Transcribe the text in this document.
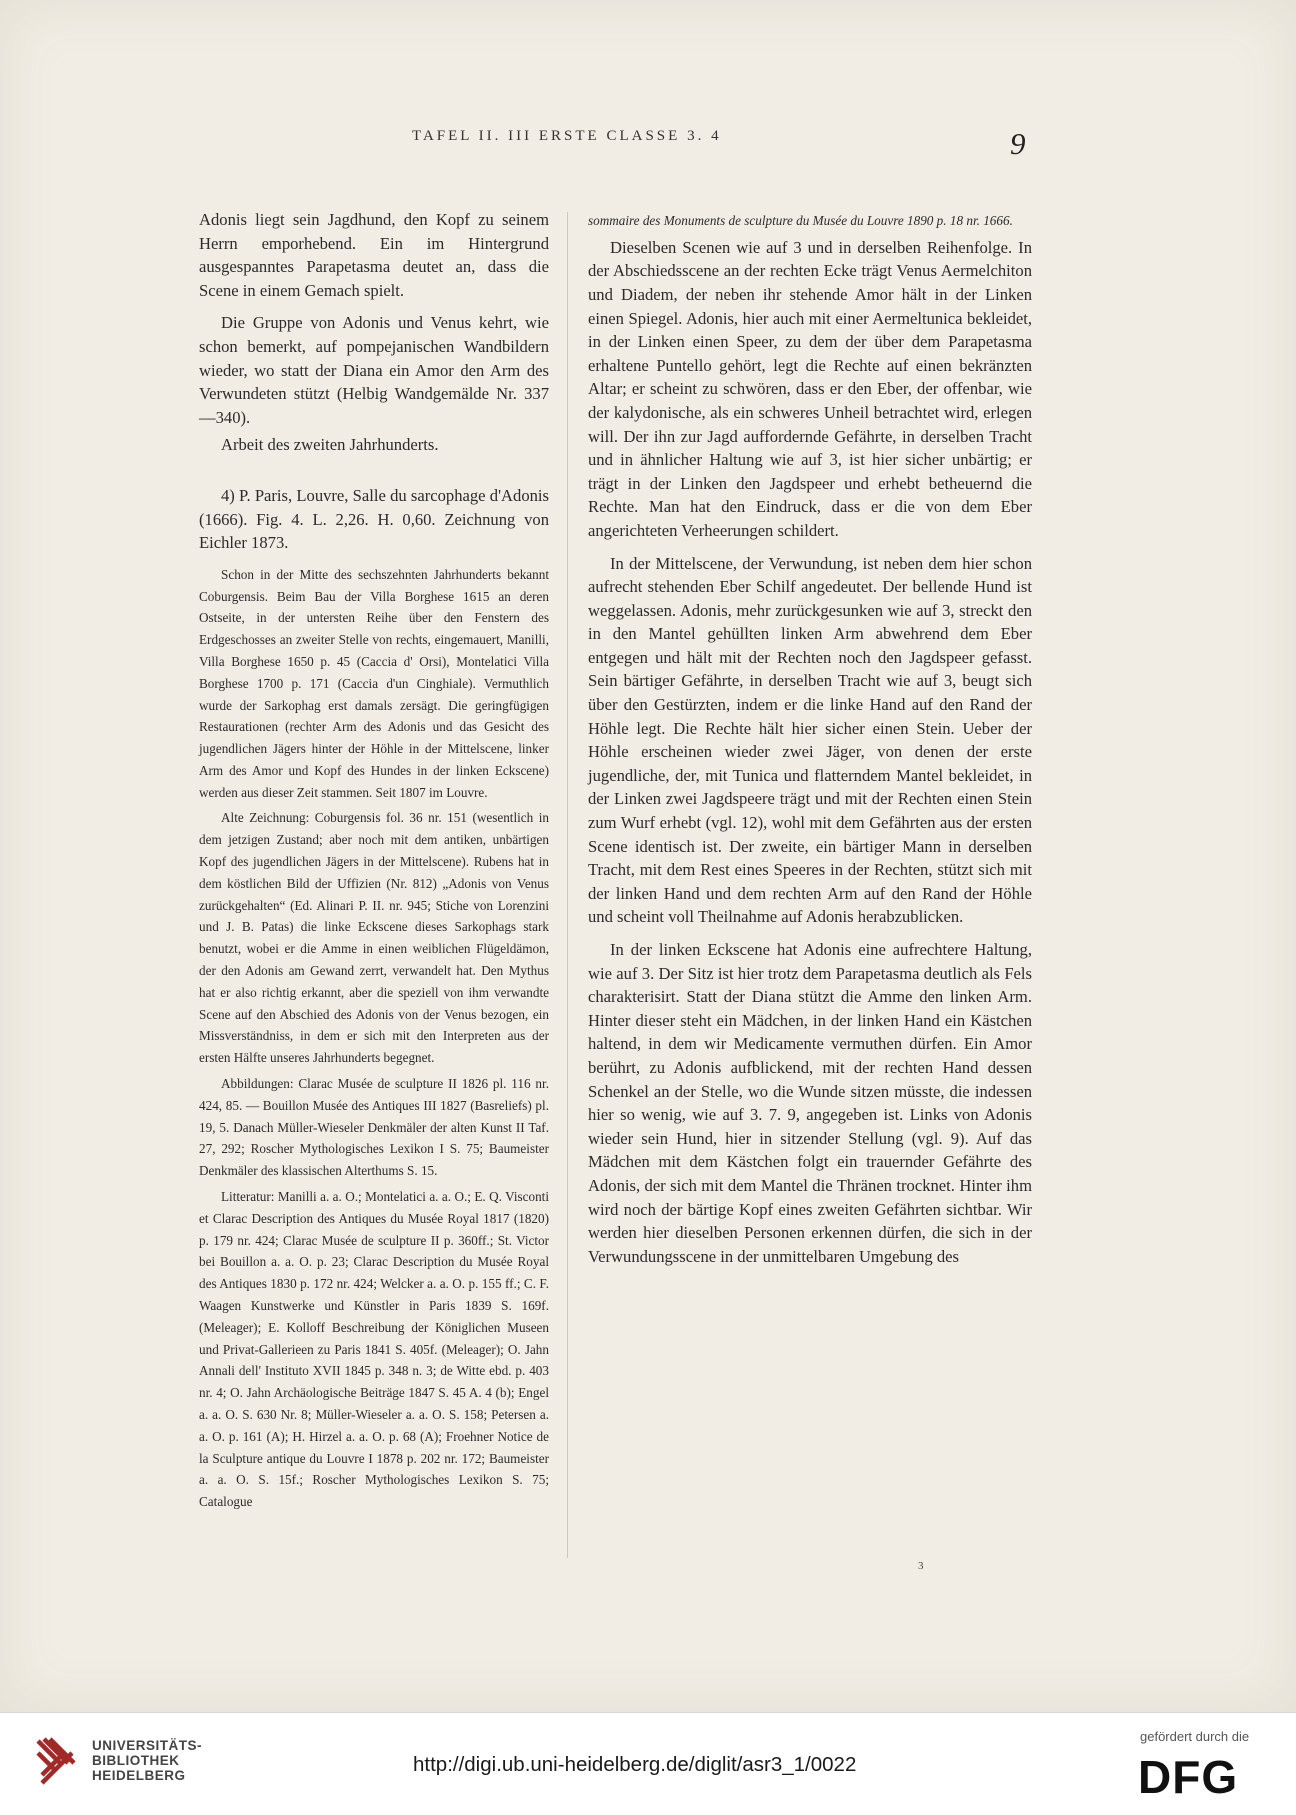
TAFEL II. III ERSTE CLASSE 3. 4	9

Adonis liegt sein Jagdhund, den Kopf zu seinem Herrn emporhebend. Ein im Hintergrund ausgespanntes Parapetasma deutet an, dass die Scene in einem Gemach spielt.

Die Gruppe von Adonis und Venus kehrt, wie schon bemerkt, auf pompejanischen Wandbildern wieder, wo statt der Diana ein Amor den Arm des Verwundeten stützt (Helbig Wandgemälde Nr. 337—340).

Arbeit des zweiten Jahrhunderts.

4) P. Paris, Louvre, Salle du sarcophage d'Adonis (1666). Fig. 4. L. 2,26. H. 0,60. Zeichnung von Eichler 1873.

Schon in der Mitte des sechszehnten Jahrhunderts bekannt Coburgensis. Beim Bau der Villa Borghese 1615 an deren Ostseite, in der untersten Reihe über den Fenstern des Erdgeschosses an zweiter Stelle von rechts, eingemauert, Manilli, Villa Borghese 1650 p. 45 (Caccia d' Orsi), Montelatici Villa Borghese 1700 p. 171 (Caccia d'un Cinghiale). Vermuthlich wurde der Sarkophag erst damals zersägt. Die geringfügigen Restaurationen (rechter Arm des Adonis und das Gesicht des jugendlichen Jägers hinter der Höhle in der Mittelscene, linker Arm des Amor und Kopf des Hundes in der linken Eckscene) werden aus dieser Zeit stammen. Seit 1807 im Louvre.

Alte Zeichnung: Coburgensis fol. 36 nr. 151 (wesentlich in dem jetzigen Zustand; aber noch mit dem antiken, unbärtigen Kopf des jugendlichen Jägers in der Mittelscene). Rubens hat in dem köstlichen Bild der Uffizien (Nr. 812) „Adonis von Venus zurückgehalten“ (Ed. Alinari P. II. nr. 945; Stiche von Lorenzini und J. B. Patas) die linke Eckscene dieses Sarkophags stark benutzt, wobei er die Amme in einen weiblichen Flügeldämon, der den Adonis am Gewand zerrt, verwandelt hat. Den Mythus hat er also richtig erkannt, aber die speziell von ihm verwandte Scene auf den Abschied des Adonis von der Venus bezogen, ein Missverständniss, in dem er sich mit den Interpreten aus der ersten Hälfte unseres Jahrhunderts begegnet.

Abbildungen: Clarac Musée de sculpture II 1826 pl. 116 nr. 424, 85. — Bouillon Musée des Antiques III 1827 (Basreliefs) pl. 19, 5. Danach Müller-Wieseler Denkmäler der alten Kunst II Taf. 27, 292; Roscher Mythologisches Lexikon I S. 75; Baumeister Denkmäler des klassischen Alterthums S. 15.

Litteratur: Manilli a. a. O.; Montelatici a. a. O.; E. Q. Visconti et Clarac Description des Antiques du Musée Royal 1817 (1820) p. 179 nr. 424; Clarac Musée de sculpture II p. 360ff.; St. Victor bei Bouillon a. a. O. p. 23; Clarac Description du Musée Royal des Antiques 1830 p. 172 nr. 424; Welcker a. a. O. p. 155 ff.; C. F. Waagen Kunstwerke und Künstler in Paris 1839 S. 169f. (Meleager); E. Kolloff Beschreibung der Königlichen Museen und Privat-Gallerieen zu Paris 1841 S. 405f. (Meleager); O. Jahn Annali dell' Instituto XVII 1845 p. 348 n. 3; de Witte ebd. p. 403 nr. 4; O. Jahn Archäologische Beiträge 1847 S. 45 A. 4 (b); Engel a. a. O. S. 630 Nr. 8; Müller-Wieseler a. a. O. S. 158; Petersen a. a. O. p. 161 (A); H. Hirzel a. a. O. p. 68 (A); Froehner Notice de la Sculpture antique du Louvre I 1878 p. 202 nr. 172; Baumeister a. a. O. S. 15f.; Roscher Mythologisches Lexikon S. 75; Catalogue

sommaire des Monuments de sculpture du Musée du Louvre 1890 p. 18 nr. 1666.

Dieselben Scenen wie auf 3 und in derselben Reihenfolge. In der Abschiedsscene an der rechten Ecke trägt Venus Aermelchiton und Diadem, der neben ihr stehende Amor hält in der Linken einen Spiegel. Adonis, hier auch mit einer Aermeltunica bekleidet, in der Linken einen Speer, zu dem der über dem Parapetasma erhaltene Puntello gehört, legt die Rechte auf einen bekränzten Altar; er scheint zu schwören, dass er den Eber, der offenbar, wie der kalydonische, als ein schweres Unheil betrachtet wird, erlegen will. Der ihn zur Jagd auffordernde Gefährte, in derselben Tracht und in ähnlicher Haltung wie auf 3, ist hier sicher unbärtig; er trägt in der Linken den Jagdspeer und erhebt betheuernd die Rechte. Man hat den Eindruck, dass er die von dem Eber angerichteten Verheerungen schildert.

In der Mittelscene, der Verwundung, ist neben dem hier schon aufrecht stehenden Eber Schilf angedeutet. Der bellende Hund ist weggelassen. Adonis, mehr zurückgesunken wie auf 3, streckt den in den Mantel gehüllten linken Arm abwehrend dem Eber entgegen und hält mit der Rechten noch den Jagdspeer gefasst. Sein bärtiger Gefährte, in derselben Tracht wie auf 3, beugt sich über den Gestürzten, indem er die linke Hand auf den Rand der Höhle legt. Die Rechte hält hier sicher einen Stein. Ueber der Höhle erscheinen wieder zwei Jäger, von denen der erste jugendliche, der, mit Tunica und flatterndem Mantel bekleidet, in der Linken zwei Jagdspeere trägt und mit der Rechten einen Stein zum Wurf erhebt (vgl. 12), wohl mit dem Gefährten aus der ersten Scene identisch ist. Der zweite, ein bärtiger Mann in derselben Tracht, mit dem Rest eines Speeres in der Rechten, stützt sich mit der linken Hand und dem rechten Arm auf den Rand der Höhle und scheint voll Theilnahme auf Adonis herabzublicken.

In der linken Eckscene hat Adonis eine aufrechtere Haltung, wie auf 3. Der Sitz ist hier trotz dem Parapetasma deutlich als Fels charakterisirt. Statt der Diana stützt die Amme den linken Arm. Hinter dieser steht ein Mädchen, in der linken Hand ein Kästchen haltend, in dem wir Medicamente vermuthen dürfen. Ein Amor berührt, zu Adonis aufblickend, mit der rechten Hand dessen Schenkel an der Stelle, wo die Wunde sitzen müsste, die indessen hier so wenig, wie auf 3. 7. 9, angegeben ist. Links von Adonis wieder sein Hund, hier in sitzender Stellung (vgl. 9). Auf das Mädchen mit dem Kästchen folgt ein trauernder Gefährte des Adonis, der sich mit dem Mantel die Thränen trocknet. Hinter ihm wird noch der bärtige Kopf eines zweiten Gefährten sichtbar. Wir werden hier dieselben Personen erkennen dürfen, die sich in der Verwundungsscene in der unmittelbaren Umgebung des

3
UNIVERSITÄTS-
BIBLIOTHEK
HEIDELBERG	http://digi.ub.uni-heidelberg.de/diglit/asr3_1/0022
gefördert durch die
DFG
